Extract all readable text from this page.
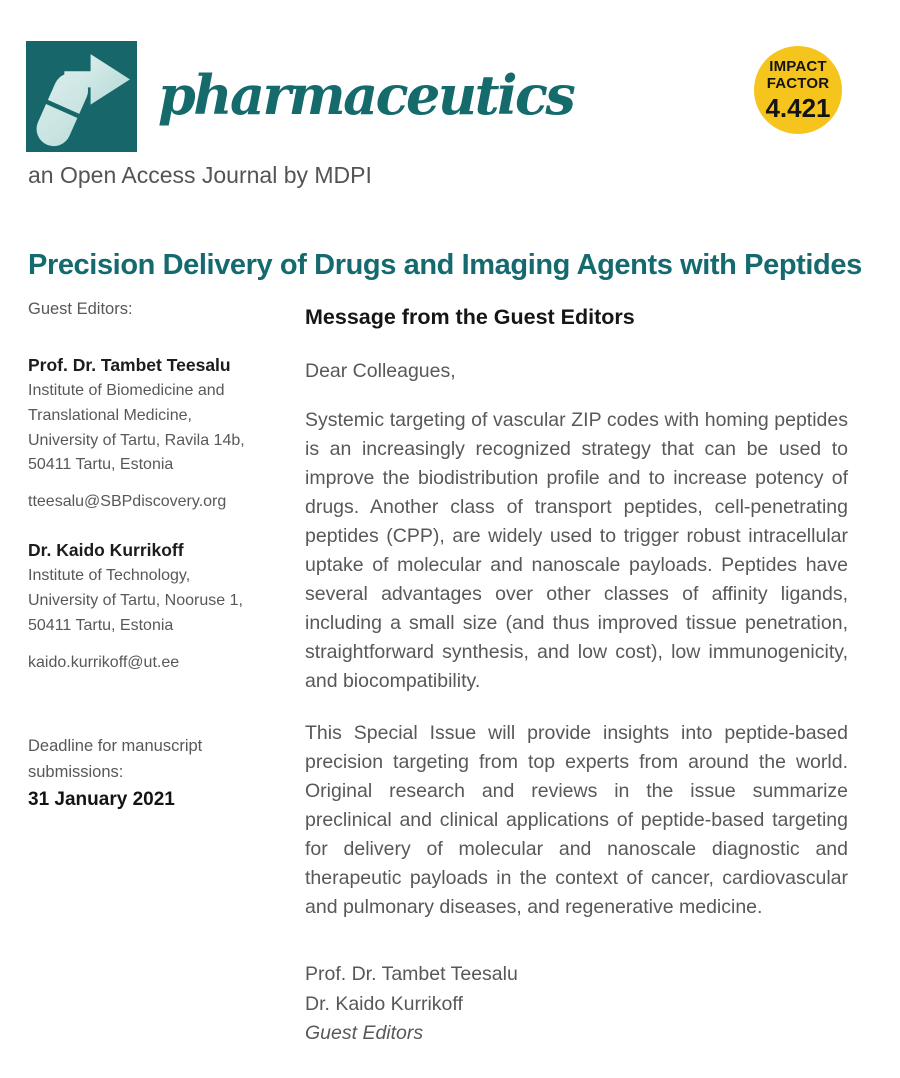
pharmaceutics	IMPACT
FACTOR
4.421
an Open Access Journal by MDPI
Precision Delivery of Drugs and Imaging Agents with Peptides
Guest Editors:
Prof. Dr. Tambet Teesalu
Institute of Biomedicine and
Translational Medicine,
University of Tartu, Ravila 14b,
50411 Tartu, Estonia
tteesalu@SBPdiscovery.org
Dr. Kaido Kurrikoff
Institute of Technology,
University of Tartu, Nooruse 1,
50411 Tartu, Estonia
kaido.kurrikoff@ut.ee
Deadline for manuscript submissions:
31 January 2021
Message from the Guest Editors
Dear Colleagues,
Systemic targeting of vascular ZIP codes with homing peptides is an increasingly recognized strategy that can be used to improve the biodistribution profile and to increase potency of drugs. Another class of transport peptides, cell-penetrating peptides (CPP), are widely used to trigger robust intracellular uptake of molecular and nanoscale payloads. Peptides have several advantages over other classes of affinity ligands, including a small size (and thus improved tissue penetration, straightforward synthesis, and low cost), low immunogenicity, and biocompatibility.
This Special Issue will provide insights into peptide-based precision targeting from top experts from around the world. Original research and reviews in the issue summarize preclinical and clinical applications of peptide-based targeting for delivery of molecular and nanoscale diagnostic and therapeutic payloads in the context of cancer, cardiovascular and pulmonary diseases, and regenerative medicine.
Prof. Dr. Tambet Teesalu
Dr. Kaido Kurrikoff
Guest Editors
